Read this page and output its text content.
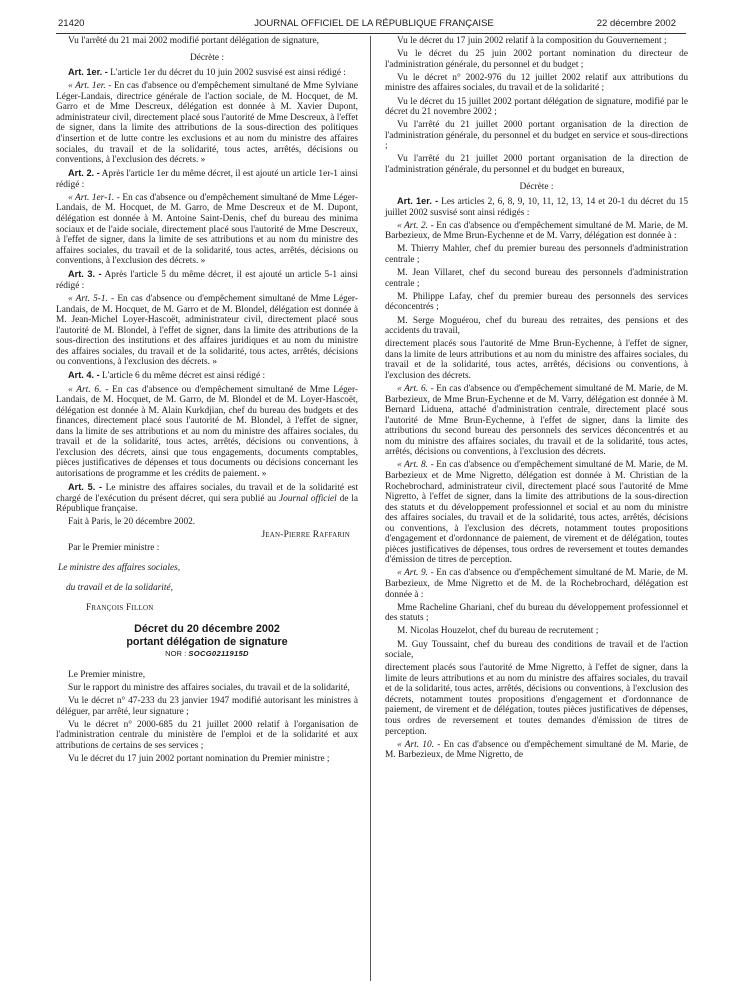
21420	JOURNAL OFFICIEL DE LA RÉPUBLIQUE FRANÇAISE	22 décembre 2002

Vu l'arrêté du 21 mai 2002 modifié portant délégation de signature,

Décrète :

Art. 1er. - L'article 1er du décret du 10 juin 2002 susvisé est ainsi rédigé :

« Art. 1er. - En cas d'absence ou d'empêchement simultané de Mme Sylviane Léger-Landais, directrice générale de l'action sociale, de M. Hocquet, de M. Garro et de Mme Descreux, délégation est donnée à M. Xavier Dupont, administrateur civil, directement placé sous l'autorité de Mme Descreux, à l'effet de signer, dans la limite des attributions de la sous-direction des politiques d'insertion et de lutte contre les exclusions et au nom du ministre des affaires sociales, du travail et de la solidarité, tous actes, arrêtés, décisions ou conventions, à l'exclusion des décrets. »

Art. 2. - Après l'article 1er du même décret, il est ajouté un article 1er-1 ainsi rédigé :

« Art. 1er-1. - En cas d'absence ou d'empêchement simultané de Mme Léger-Landais, de M. Hocquet, de M. Garro, de Mme Descreux et de M. Dupont, délégation est donnée à M. Antoine Saint-Denis, chef du bureau des minima sociaux et de l'aide sociale, directement placé sous l'autorité de Mme Descreux, à l'effet de signer, dans la limite de ses attributions et au nom du ministre des affaires sociales, du travail et de la solidarité, tous actes, arrêtés, décisions ou conventions, à l'exclusion des décrets. »

Art. 3. - Après l'article 5 du même décret, il est ajouté un article 5-1 ainsi rédigé :

« Art. 5-1. - En cas d'absence ou d'empêchement simultané de Mme Léger-Landais, de M. Hocquet, de M. Garro et de M. Blondel, délégation est donnée à M. Jean-Michel Loyer-Hascoët, administrateur civil, directement placé sous l'autorité de M. Blondel, à l'effet de signer, dans la limite des attributions de la sous-direction des institutions et des affaires juridiques et au nom du ministre des affaires sociales, du travail et de la solidarité, tous actes, arrêtés, décisions ou conventions, à l'exclusion des décrets. »

Art. 4. - L'article 6 du même décret est ainsi rédigé :

« Art. 6. - En cas d'absence ou d'empêchement simultané de Mme Léger-Landais, de M. Hocquet, de M. Garro, de M. Blondel et de M. Loyer-Hascoët, délégation est donnée à M. Alain Kurkdjian, chef du bureau des budgets et des finances, directement placé sous l'autorité de M. Blondel, à l'effet de signer, dans la limite de ses attributions et au nom du ministre des affaires sociales, du travail et de la solidarité, tous actes, arrêtés, décisions ou conventions, à l'exclusion des décrets, ainsi que tous engagements, documents comptables, pièces justificatives de dépenses et tous documents ou décisions concernant les autorisations de programme et les crédits de paiement. »

Art. 5. - Le ministre des affaires sociales, du travail et de la solidarité est chargé de l'exécution du présent décret, qui sera publié au Journal officiel de la République française.

Fait à Paris, le 20 décembre 2002.

Jean-Pierre Raffarin

Par le Premier ministre :

Le ministre des affaires sociales,

du travail et de la solidarité,

François Fillon

Décret du 20 décembre 2002
portant délégation de signature

NOR : SOCG0211915D

Le Premier ministre,

Sur le rapport du ministre des affaires sociales, du travail et de la solidarité,

Vu le décret n° 47-233 du 23 janvier 1947 modifié autorisant les ministres à déléguer, par arrêté, leur signature ;

Vu le décret n° 2000-685 du 21 juillet 2000 relatif à l'organisation de l'administration centrale du ministère de l'emploi et de la solidarité et aux attributions de certains de ses services ;

Vu le décret du 17 juin 2002 portant nomination du Premier ministre ;

Vu le décret du 17 juin 2002 relatif à la composition du Gouvernement ;

Vu le décret du 25 juin 2002 portant nomination du directeur de l'administration générale, du personnel et du budget ;

Vu le décret n° 2002-976 du 12 juillet 2002 relatif aux attributions du ministre des affaires sociales, du travail et de la solidarité ;

Vu le décret du 15 juillet 2002 portant délégation de signature, modifié par le décret du 21 novembre 2002 ;

Vu l'arrêté du 21 juillet 2000 portant organisation de la direction de l'administration générale, du personnel et du budget en service et sous-directions ;

Vu l'arrêté du 21 juillet 2000 portant organisation de la direction de l'administration générale, du personnel et du budget en bureaux,

Décrète :

Art. 1er. - Les articles 2, 6, 8, 9, 10, 11, 12, 13, 14 et 20-1 du décret du 15 juillet 2002 susvisé sont ainsi rédigés :

« Art. 2. - En cas d'absence ou d'empêchement simultané de M. Marie, de M. Barbezieux, de Mme Brun-Eychenne et de M. Varry, délégation est donnée à :

M. Thierry Mahler, chef du premier bureau des personnels d'administration centrale ;

M. Jean Villaret, chef du second bureau des personnels d'administration centrale ;

M. Philippe Lafay, chef du premier bureau des personnels des services déconcentrés ;

M. Serge Moguérou, chef du bureau des retraites, des pensions et des accidents du travail,

directement placés sous l'autorité de Mme Brun-Eychenne, à l'effet de signer, dans la limite de leurs attributions et au nom du ministre des affaires sociales, du travail et de la solidarité, tous actes, arrêtés, décisions ou conventions, à l'exclusion des décrets.

« Art. 6. - En cas d'absence ou d'empêchement simultané de M. Marie, de M. Barbezieux, de Mme Brun-Eychenne et de M. Varry, délégation est donnée à M. Bernard Liduena, attaché d'administration centrale, directement placé sous l'autorité de Mme Brun-Eychenne, à l'effet de signer, dans la limite des attributions du second bureau des personnels des services déconcentrés et au nom du ministre des affaires sociales, du travail et de la solidarité, tous actes, arrêtés, décisions ou conventions, à l'exclusion des décrets.

« Art. 8. - En cas d'absence ou d'empêchement simultané de M. Marie, de M. Barbezieux et de Mme Nigretto, délégation est donnée à M. Christian de la Rochebrochard, administrateur civil, directement placé sous l'autorité de Mme Nigretto, à l'effet de signer, dans la limite des attributions de la sous-direction des statuts et du développement professionnel et social et au nom du ministre des affaires sociales, du travail et de la solidarité, tous actes, arrêtés, décisions ou conventions, à l'exclusion des décrets, notamment toutes propositions d'engagement et d'ordonnance de paiement, de virement et de délégation, toutes pièces justificatives de dépenses, tous ordres de reversement et toutes demandes d'émission de titres de perception.

« Art. 9. - En cas d'absence ou d'empêchement simultané de M. Marie, de M. Barbezieux, de Mme Nigretto et de M. de la Rochebrochard, délégation est donnée à :

Mme Racheline Ghariani, chef du bureau du développement professionnel et des statuts ;

M. Nicolas Houzelot, chef du bureau de recrutement ;

M. Guy Toussaint, chef du bureau des conditions de travail et de l'action sociale,

directement placés sous l'autorité de Mme Nigretto, à l'effet de signer, dans la limite de leurs attributions et au nom du ministre des affaires sociales, du travail et de la solidarité, tous actes, arrêtés, décisions ou conventions, à l'exclusion des décrets, notamment toutes propositions d'engagement et d'ordonnance de paiement, de virement et de délégation, toutes pièces justificatives de dépenses, tous ordres de reversement et toutes demandes d'émission de titres de perception.

« Art. 10. - En cas d'absence ou d'empêchement simultané de M. Marie, de M. Barbezieux, de Mme Nigretto, de
